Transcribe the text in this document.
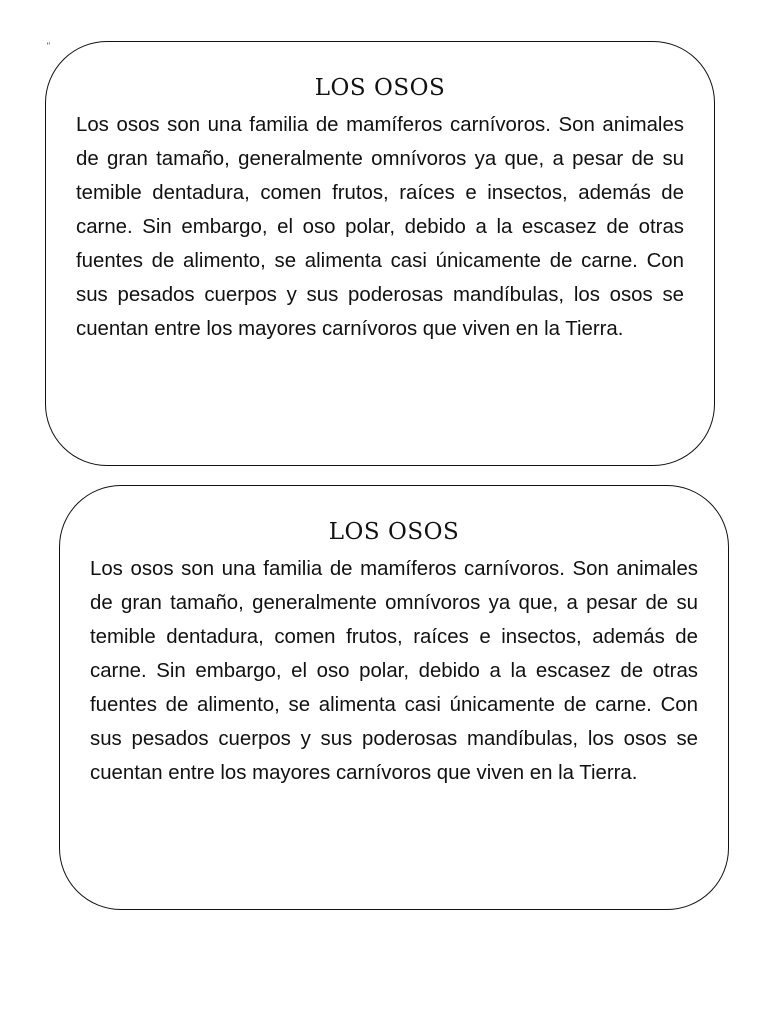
"
LOS OSOS

Los osos son una familia de mamíferos carnívoros. Son animales de gran tamaño, generalmente omnívoros ya que, a pesar de su temible dentadura, comen frutos, raíces e insectos, además de carne. Sin embargo, el oso polar, debido a la escasez de otras fuentes de alimento, se alimenta casi únicamente de carne. Con sus pesados cuerpos y sus poderosas mandíbulas, los osos se cuentan entre los mayores carnívoros que viven en la Tierra.

LOS OSOS

Los osos son una familia de mamíferos carnívoros. Son animales de gran tamaño, generalmente omnívoros ya que, a pesar de su temible dentadura, comen frutos, raíces e insectos, además de carne. Sin embargo, el oso polar, debido a la escasez de otras fuentes de alimento, se alimenta casi únicamente de carne. Con sus pesados cuerpos y sus poderosas mandíbulas, los osos se cuentan entre los mayores carnívoros que viven en la Tierra.
